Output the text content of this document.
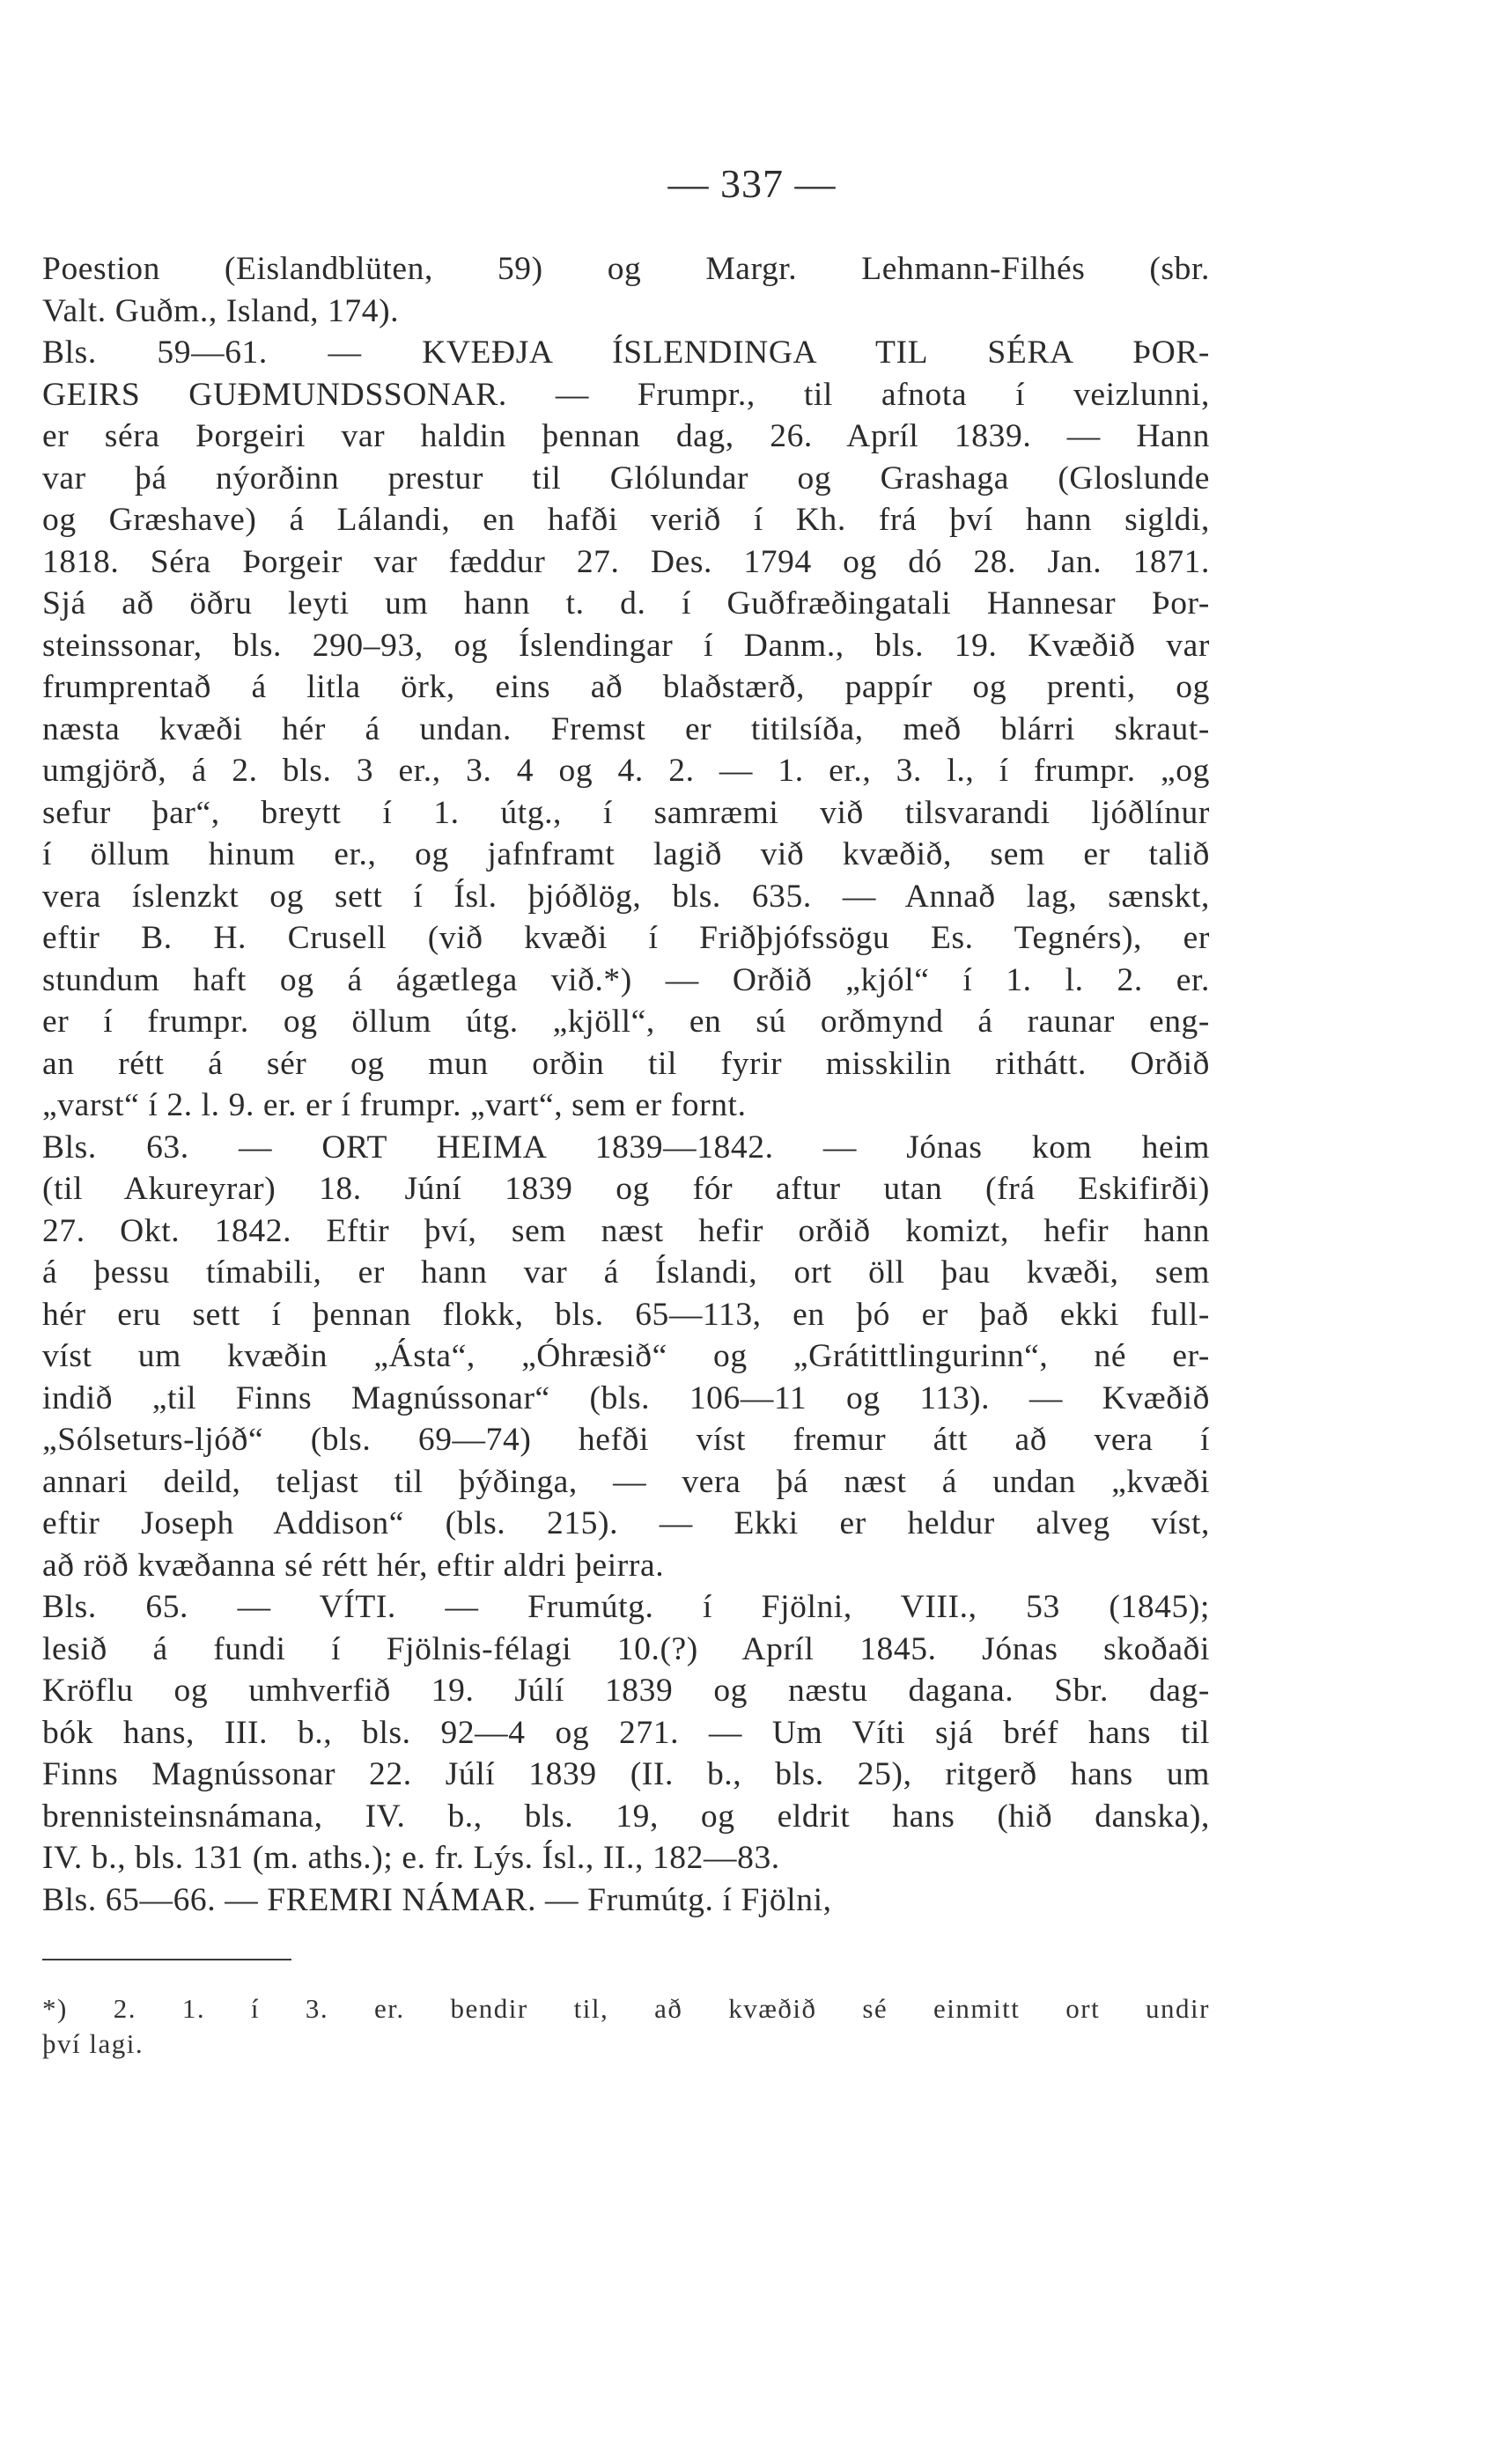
— 337 —
Poestion (Eislandblüten, 59) og Margr. Lehmann-Filhés (sbr.
Valt. Guðm., Island, 174).
Bls. 59—61. — KVEÐJA ÍSLENDINGA TIL SÉRA ÞOR-
GEIRS GUÐMUNDSSONAR. — Frumpr., til afnota í veizlunni,
er séra Þorgeiri var haldin þennan dag, 26. Apríl 1839. — Hann
var þá nýorðinn prestur til Glólundar og Grashaga (Gloslunde
og Græshave) á Lálandi, en hafði verið í Kh. frá því hann sigldi,
1818. Séra Þorgeir var fæddur 27. Des. 1794 og dó 28. Jan. 1871.
Sjá að öðru leyti um hann t. d. í Guðfræðingatali Hannesar Þor-
steinssonar, bls. 290–93, og Íslendingar í Danm., bls. 19. Kvæðið var
frumprentað á litla örk, eins að blaðstærð, pappír og prenti, og
næsta kvæði hér á undan. Fremst er titilsíða, með blárri skraut-
umgjörð, á 2. bls. 3 er., 3. 4 og 4. 2. — 1. er., 3. l., í frumpr. „og
sefur þar“, breytt í 1. útg., í samræmi við tilsvarandi ljóðlínur
í öllum hinum er., og jafnframt lagið við kvæðið, sem er talið
vera íslenzkt og sett í Ísl. þjóðlög, bls. 635. — Annað lag, sænskt,
eftir B. H. Crusell (við kvæði í Friðþjófssögu Es. Tegnérs), er
stundum haft og á ágætlega við.*) — Orðið „kjól“ í 1. l. 2. er.
er í frumpr. og öllum útg. „kjöll“, en sú orðmynd á raunar eng-
an rétt á sér og mun orðin til fyrir misskilin rithátt. Orðið
„varst“ í 2. l. 9. er. er í frumpr. „vart“, sem er fornt.
Bls. 63. — ORT HEIMA 1839—1842. — Jónas kom heim
(til Akureyrar) 18. Júní 1839 og fór aftur utan (frá Eskifirði)
27. Okt. 1842. Eftir því, sem næst hefir orðið komizt, hefir hann
á þessu tímabili, er hann var á Íslandi, ort öll þau kvæði, sem
hér eru sett í þennan flokk, bls. 65—113, en þó er það ekki full-
víst um kvæðin „Ásta“, „Óhræsið“ og „Grátittlingurinn“, né er-
indið „til Finns Magnússonar“ (bls. 106—11 og 113). — Kvæðið
„Sólseturs-ljóð“ (bls. 69—74) hefði víst fremur átt að vera í
annari deild, teljast til þýðinga, — vera þá næst á undan „kvæði
eftir Joseph Addison“ (bls. 215). — Ekki er heldur alveg víst,
að röð kvæðanna sé rétt hér, eftir aldri þeirra.
Bls. 65. — VÍTI. — Frumútg. í Fjölni, VIII., 53 (1845);
lesið á fundi í Fjölnis-félagi 10.(?) Apríl 1845. Jónas skoðaði
Kröflu og umhverfið 19. Júlí 1839 og næstu dagana. Sbr. dag-
bók hans, III. b., bls. 92—4 og 271. — Um Víti sjá bréf hans til
Finns Magnússonar 22. Júlí 1839 (II. b., bls. 25), ritgerð hans um
brennisteinsnámana, IV. b., bls. 19, og eldrit hans (hið danska),
IV. b., bls. 131 (m. aths.); e. fr. Lýs. Ísl., II., 182—83.
Bls. 65—66. — FREMRI NÁMAR. — Frumútg. í Fjölni,
*) 2. 1. í 3. er. bendir til, að kvæðið sé einmitt ort undir
því lagi.
